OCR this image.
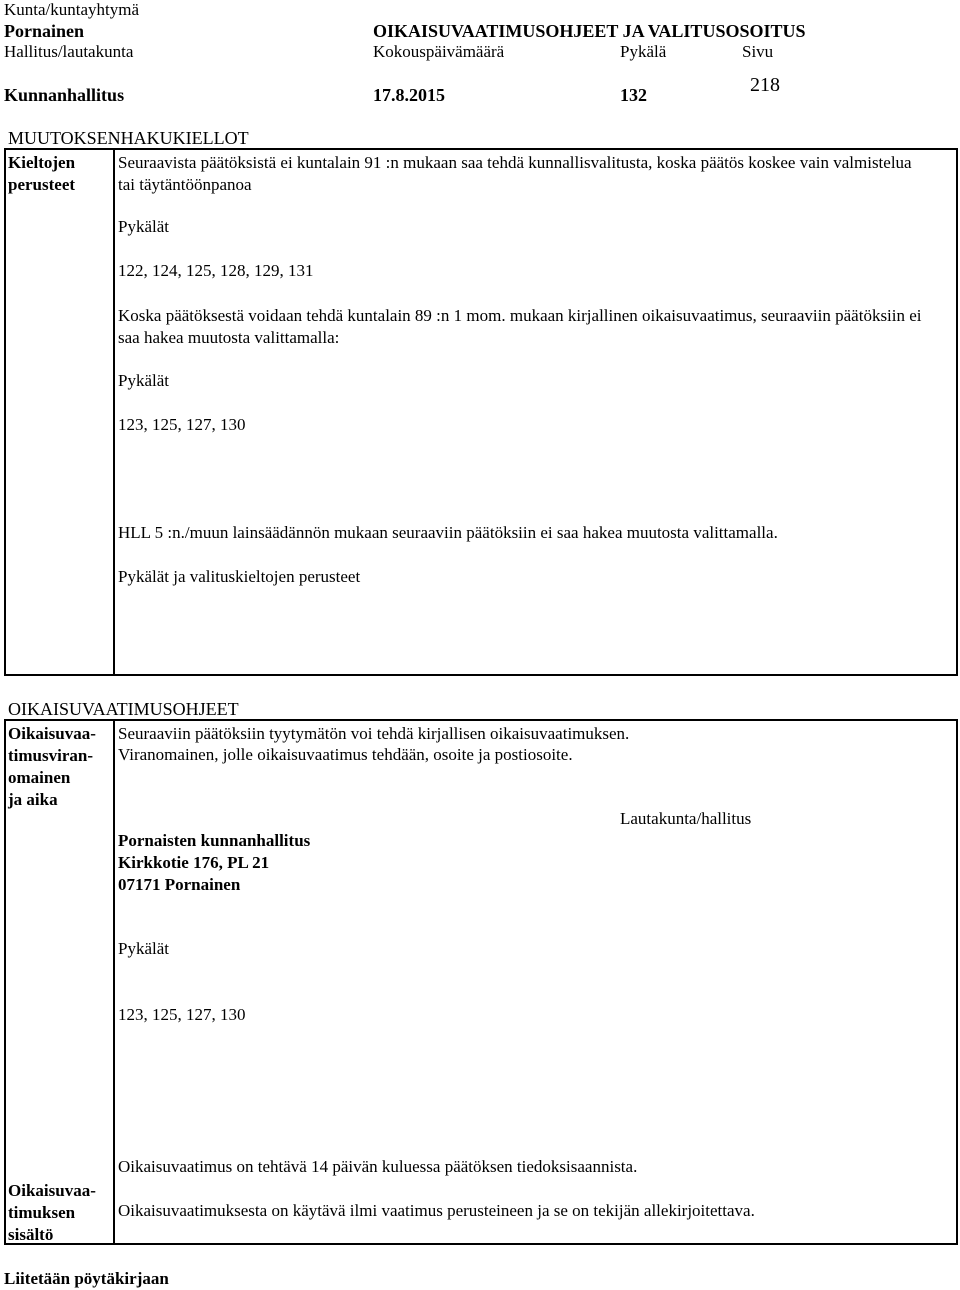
Kunta/kuntayhtymä
Pornainen	OIKAISUVAATIMUSOHJEET JA VALITUSOSOITUS
Hallitus/lautakunta	Kokouspäivämäärä	Pykälä	Sivu
Kunnanhallitus	17.8.2015	132	218
MUUTOKSENHAKUKIELLOT
Kieltojen
perusteet
Seuraavista päätöksistä ei kuntalain 91 :n mukaan saa tehdä kunnallisvalitusta, koska päätös koskee vain valmistelua tai täytäntöönpanoa
Pykälät
122, 124, 125, 128, 129, 131
Koska päätöksestä voidaan tehdä kuntalain 89 :n 1 mom. mukaan kirjallinen oikaisuvaatimus, seuraaviin päätöksiin ei saa hakea muutosta valittamalla:
Pykälät
123, 125, 127, 130
HLL 5 :n./muun lainsäädännön mukaan seuraaviin päätöksiin ei saa hakea muutosta valittamalla.
Pykälät ja valituskieltojen perusteet
OIKAISUVAATIMUSOHJEET
Oikaisuvaa-
timusviran-
omainen
ja aika
Seuraaviin päätöksiin tyytymätön voi tehdä kirjallisen oikaisuvaatimuksen.
Viranomainen, jolle oikaisuvaatimus tehdään, osoite ja postiosoite.
Lautakunta/hallitus
Pornaisten kunnanhallitus
Kirkkotie 176, PL 21
07171 Pornainen
Pykälät
123, 125, 127, 130
Oikaisuvaatimus on tehtävä 14 päivän kuluessa päätöksen tiedoksisaannista.
Oikaisuvaa-
timuksen
sisältö
Oikaisuvaatimuksesta on käytävä ilmi vaatimus perusteineen ja se on tekijän allekirjoitettava.
Liitetään pöytäkirjaan
